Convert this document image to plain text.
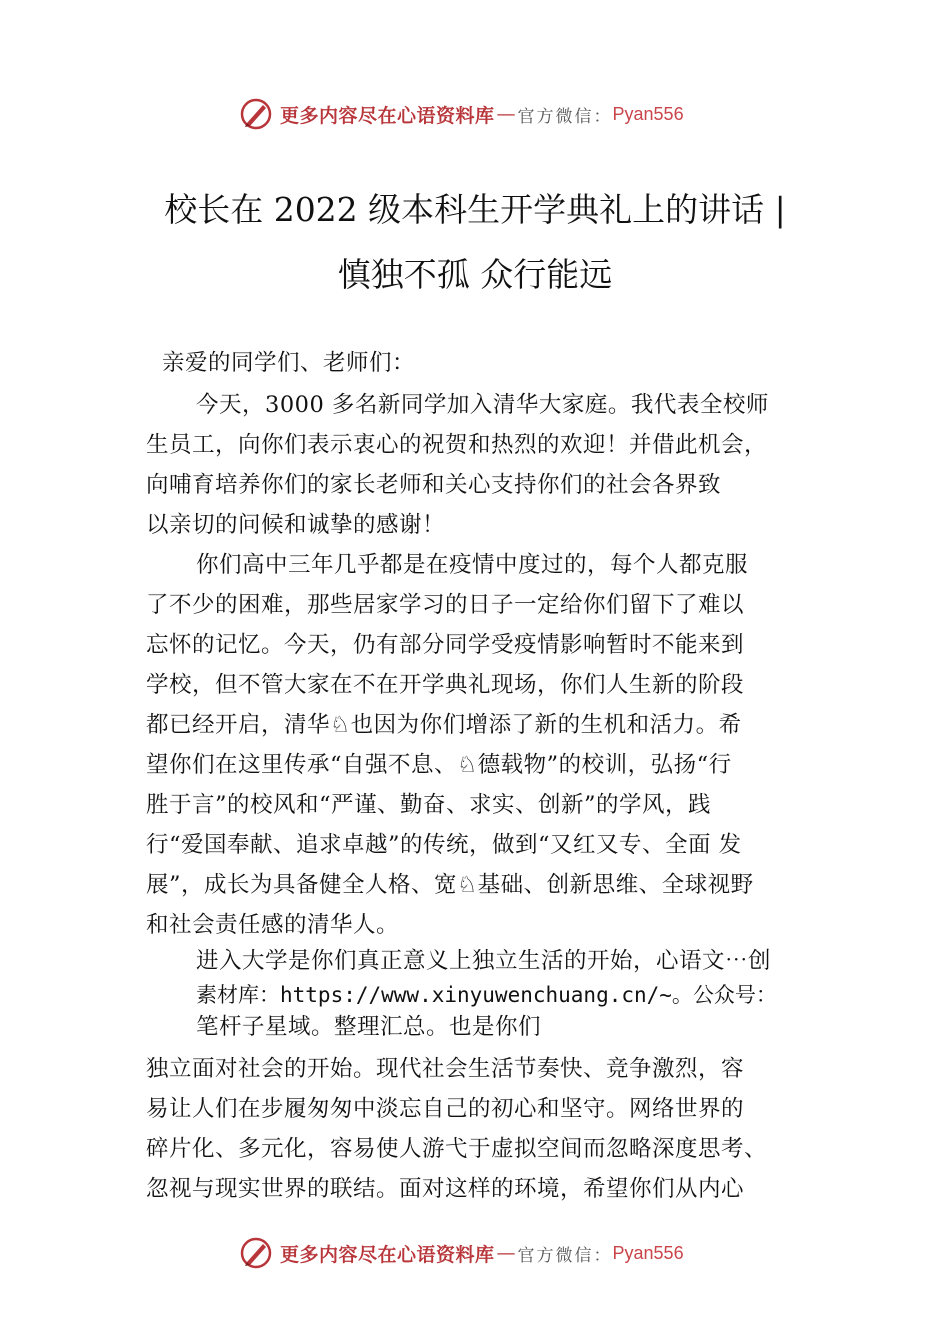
更多内容尽在心语资料库 — 官方微信： Pyan556
校长在 2022 级本科生开学典礼上的讲话 |
慎独不孤 众行能远
亲爱的同学们、老师们：
今天，3000 多名新同学加入清华大家庭。我代表全校师
生员工，向你们表示衷心的祝贺和热烈的欢迎！并借此机会，
向哺育培养你们的家长老师和关心支持你们的社会各界致
以亲切的问候和诚挚的感谢！
你们高中三年几乎都是在疫情中度过的，每个人都克服
了不少的困难，那些居家学习的日子一定给你们留下了难以
忘怀的记忆。今天，仍有部分同学受疫情影响暂时不能来到
学校，但不管大家在不在开学典礼现场，你们人生新的阶段
都已经开启，清华♘也因为你们增添了新的生机和活力。希
望你们在这里传承“自强不息、♘德载物”的校训，弘扬“行
胜于言”的校风和“严谨、勤奋、求实、创新”的学风，践
行“爱国奉献、追求卓越”的传统，做到“又红又专、全面 发
展”，成长为具备健全人格、宽♘基础、创新思维、全球视野
和社会责任感的清华人。
进入大学是你们真正意义上独立生活的开始，心语文⋯创
素材库：https://www.xinyuwenchuang.cn/~。公众号：
笔杆子星域。整理汇总。也是你们
独立面对社会的开始。现代社会生活节奏快、竞争激烈，容
易让人们在步履匆匆中淡忘自己的初心和坚守。网络世界的
碎片化、多元化，容易使人游弋于虚拟空间而忽略深度思考、
忽视与现实世界的联结。面对这样的环境，希望你们从内心
更多内容尽在心语资料库 — 官方微信： Pyan556
